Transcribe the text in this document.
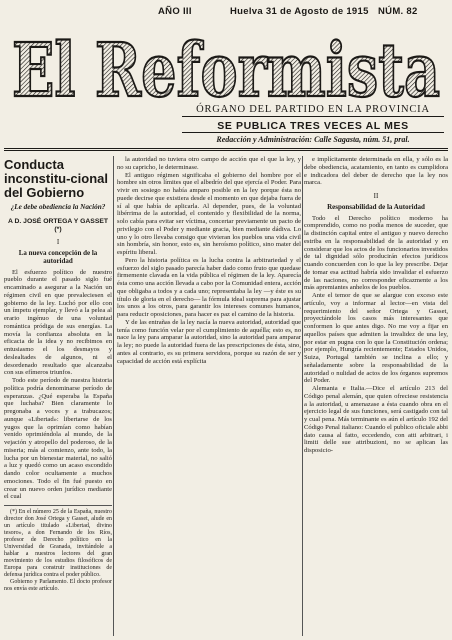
AÑO III	Huelva 31 de Agosto de 1915 NÚM. 82
El Reformista
ÓRGANO DEL PARTIDO EN LA PROVINCIA
SE PUBLICA TRES VECES AL MES
Redacción y Administración: Calle Sagasta, núm. 51, pral.
Conducta inconstitu-cional del Gobierno
¿Le debe obediencia la Nación?
A D. JOSÉ ORTEGA Y GASSET (*)
I
La nueva concepción de la autoridad

El esfuerzo político de nuestro pueblo durante el pasado siglo fué encaminado a asegurar a la Nación un régimen civil en que prevaleciesen el gobierno de la ley. Luchó por ello con un ímpetu ejemplar, y llevó a la pelea al erario ingénuo de una voluntad romántica pródiga de sus energías. La movía la confianza absoluta en la eficacia de la idea y no recibimos en entusiasmo el los desmayos y deslealtades de algunos, ni el desordenado resultado que alcanzaba con sus efímeros triunfos.

Todo este período de nuestra historia política podría denominarse período de esperanzas. ¿Qué esperaba la España que luchaba? Bien claramente lo pregonaba a voces y a trabucazos; aunque «Libertad»: libertarse de los yugos que la oprimían como habían venido oprimiéndola al mundo, de la vejación y atropello del poderoso, de la miseria; más al comienzo, ante todo, la lucha por un bienestar material, no salió a luz y quedó como un acaso escondido dando color ocultamente a muchos emociones. Todo el fin fué puesto en crear un nuevo orden jurídico mediante el cual

(*) En el número 25 de la España, nuestro director don José Ortega y Gasset, alude en un artículo titulado «Libertad, divino tesoro», a don Fernando de los Ríos, profesor de Derecho político en la Universidad de Granada, invitándole a hablar a nuestros lectores del gran movimiento de los estudios filosóficos de Europa para construir instituciones de defensa jurídica contra el poder público.

Gobierno y Parlamento. El docto profesor nos envía este artículo.

la autoridad no tuviera otro campo de acción que el que la ley, y no su capricho, le determinase.

El antiguo régimen significaba el gobierno del hombre por el hombre sin otros límites que el albedrío del que ejercía el Poder. Para vivir en sosiego no había amparo posible en la ley porque ésta no puede decirse que existiera desde el momento en que dejaba fuera de sí al que había de aplicarla. Al depender, pues, de la voluntad libérrima de la autoridad, el contenido y flexibilidad de la norma, solo cabía para evitar ser víctima, concertar previamente un pacto de privilegio con el Poder y mediante gracia, bien mediante dádiva. Lo uno y lo otro llevaba consigo que vivieran los pueblos una vida civil sin hombría, sin honor, esto es, sin heroísmo político, sino mater del espíritu liberal.

Pero la historia política es la lucha contra la arbitrariedad y el esfuerzo del siglo pasado parecía haber dado como fruto que quedase firmemente clavada en la vida pública el régimen de la ley. Aparecía ésta como una acción llevada a cabo por la Comunidad entera, acción que obligaba a todos y a cada uno; representaba la ley —y éste es su título de gloria en el derecho— la fórmula ideal suprema para ajustar los unos a los otros, para garantir los intereses comunes humanos, para reducir oposiciones, para hacer es paz el camino de la historia.

Y de las entrañas de la ley nacía la nueva autoridad, autoridad que tenía como función velar por el cumplimiento de aquélla; esto es, no nace la ley para amparar la autoridad, sino la autoridad para amparar la ley; no puede la autoridad fuera de las prescripciones de ésta, sino, antes al contrario, es su primera servidora, porque su razón de ser y capacidad de acción está explícita

e implícitamente determinada en ella, y sólo es la debe obediencia, acatamiento, en tanto es cumplidora e indicadora del deber de derecho que la ley nos marca.

II
Responsabilidad de la Autoridad

Todo el Derecho político moderno ha comprendido, como no podía menos de suceder, que la distinción capital entre el antiguo y nuevo derecho estriba en la responsabilidad de la autoridad y en considerar que los actos de los funcionarios investidos de tal dignidad sólo producirán efectos jurídicos cuando concuerden con lo que la ley prescribe. Dejar de tomar esa actitud habría sido invalidar el esfuerzo de las naciones, no corresponder eficazmente a los más apremiantes anhelos de los pueblos.

Ante el temor de que se alargue con exceso este artículo, voy a informar al lector—en vista del requerimiento del señor Ortega y Gasset, proyectándole los casos más interesantes que conformen lo que antes digo. No me voy a fijar en aquellos países que admiten la invalidez de una ley, por estar en pugna con lo que la Constitución ordena; por ejemplo, Hungría recientemente; Estados Unidos, Suiza, Portugal también se inclina a ello; y señaladamente sobre la responsabilidad de la autoridad o nulidad de actos de los órganos supremos del Poder.

Alemania e Italia.—Dice el artículo 213 del Código penal alemán, que quien ofreciese resistencia a la autoridad, u amenazase a ésta cuando obra en el ejercicio legal de sus funciones, será castigado con tal y cual pena. Más terminante es aún el artículo 192 del Código Penal italiano: Cuando el publico oficiale abbi dato causa al fatto, eccedendo, con atti arbitrari, i limiti delle sue attribuzioni, no se aplican las disposicio-
